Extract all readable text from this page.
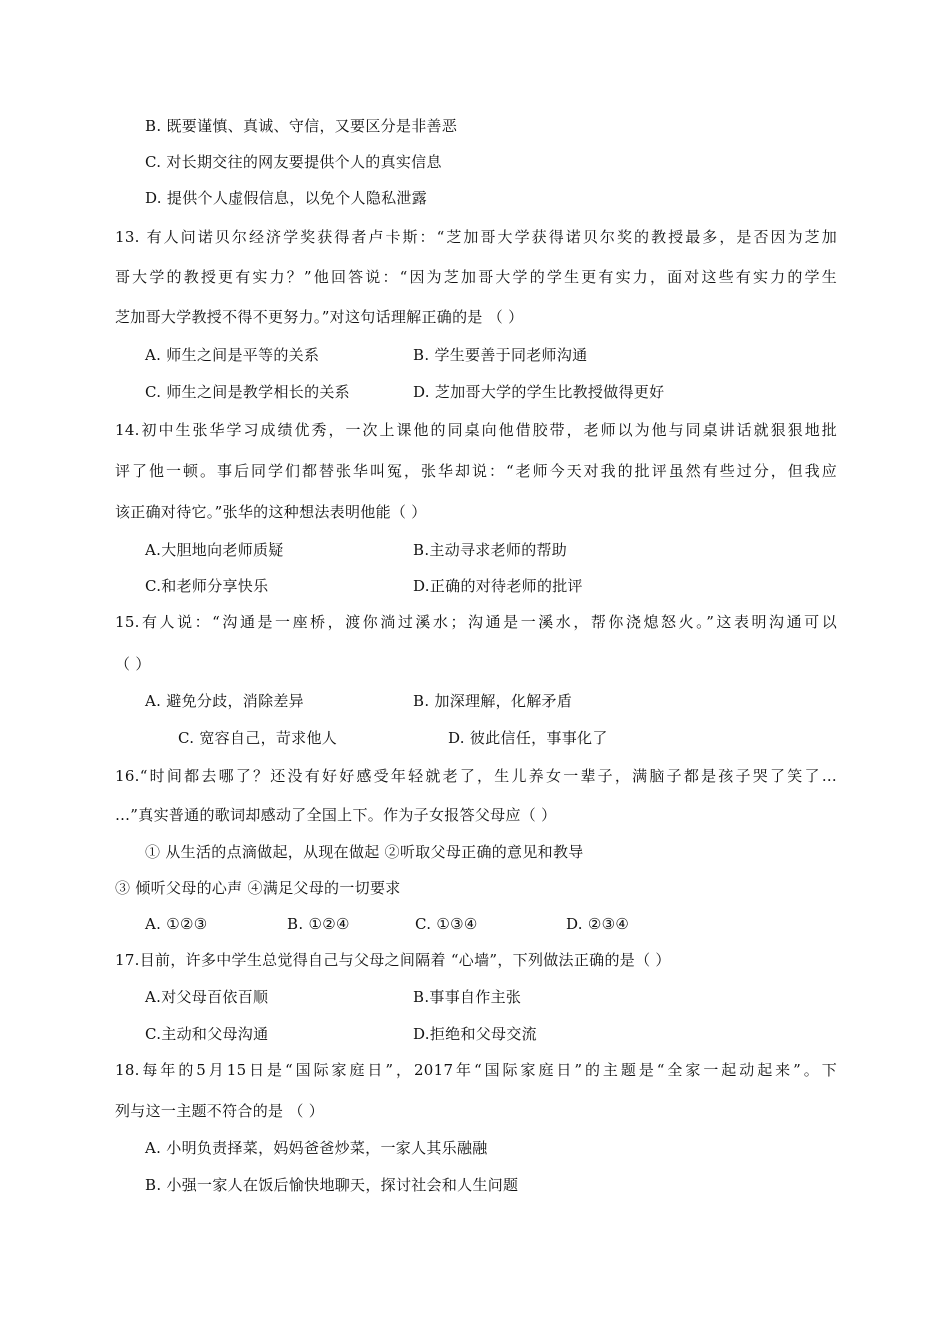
B. 既要谨慎、真诚、守信，又要区分是非善恶
C. 对长期交往的网友要提供个人的真实信息
D. 提供个人虚假信息，以免个人隐私泄露
13. 有人问诺贝尔经济学奖获得者卢卡斯：“芝加哥大学获得诺贝尔奖的教授最多，是否因为芝加
哥大学的教授更有实力？”他回答说：“因为芝加哥大学的学生更有实力，面对这些有实力的学生
芝加哥大学教授不得不更努力。”对这句话理解正确的是 （ ）
A. 师生之间是平等的关系	B. 学生要善于同老师沟通
C. 师生之间是教学相长的关系	D. 芝加哥大学的学生比教授做得更好
14.初中生张华学习成绩优秀，一次上课他的同桌向他借胶带，老师以为他与同桌讲话就狠狠地批
评了他一顿。事后同学们都替张华叫冤，张华却说：“老师今天对我的批评虽然有些过分，但我应
该正确对待它。”张华的这种想法表明他能（ ）
A.大胆地向老师质疑	B.主动寻求老师的帮助
C.和老师分享快乐	D.正确的对待老师的批评
15.有人说：“沟通是一座桥，渡你淌过溪水；沟通是一溪水，帮你浇熄怒火。”这表明沟通可以
（ ）
A. 避免分歧，消除差异	B. 加深理解，化解矛盾
C. 宽容自己，苛求他人	D. 彼此信任，事事化了
16.“时间都去哪了？还没有好好感受年轻就老了，生儿养女一辈子，满脑子都是孩子哭了笑了…
…”真实普通的歌词却感动了全国上下。作为子女报答父母应（ ）
① 从生活的点滴做起，从现在做起 ②听取父母正确的意见和教导
③ 倾听父母的心声 ④满足父母的一切要求
A. ①②③	B. ①②④	C. ①③④	D. ②③④
17.目前，许多中学生总觉得自己与父母之间隔着 “心墙”，下列做法正确的是（ ）
A.对父母百依百顺	B.事事自作主张
C.主动和父母沟通	D.拒绝和父母交流
18.每年的5月15日是“国际家庭日”，2017年“国际家庭日”的主题是“全家一起动起来”。下
列与这一主题不符合的是 （ ）
A. 小明负责择菜，妈妈爸爸炒菜，一家人其乐融融
B. 小强一家人在饭后愉快地聊天，探讨社会和人生问题
